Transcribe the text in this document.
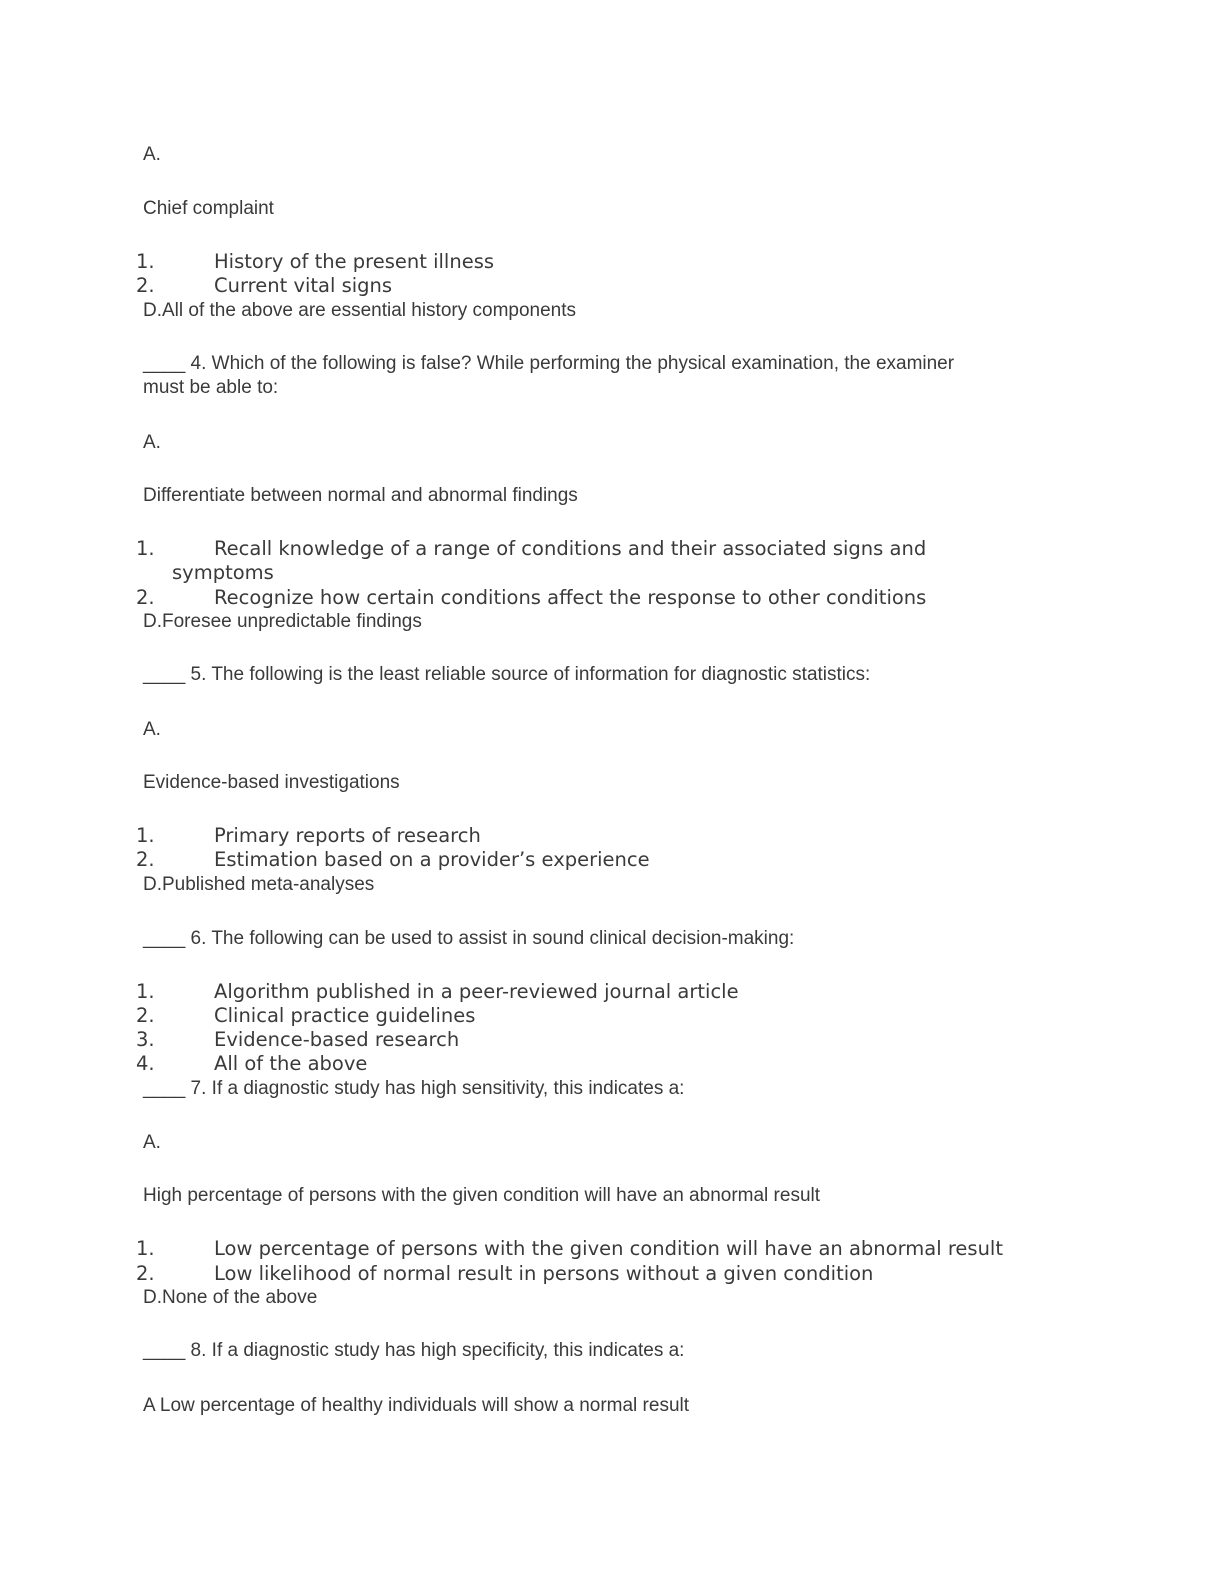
A.
Chief complaint
1.	History of the present illness
2.	Current vital signs
D.All of the above are essential history components
____ 4. Which of the following is false? While performing the physical examination, the examiner
must be able to:
A.
Differentiate between normal and abnormal findings
1.	Recall knowledge of a range of conditions and their associated signs and
symptoms
2.	Recognize how certain conditions affect the response to other conditions
D.Foresee unpredictable findings
____ 5. The following is the least reliable source of information for diagnostic statistics:
A.
Evidence-based investigations
1.	Primary reports of research
2.	Estimation based on a provider’s experience
D.Published meta-analyses
____ 6. The following can be used to assist in sound clinical decision-making:
1.	Algorithm published in a peer-reviewed journal article
2.	Clinical practice guidelines
3.	Evidence-based research
4.	All of the above
____ 7. If a diagnostic study has high sensitivity, this indicates a:
A.
High percentage of persons with the given condition will have an abnormal result
1.	Low percentage of persons with the given condition will have an abnormal result
2.	Low likelihood of normal result in persons without a given condition
D.None of the above
____ 8. If a diagnostic study has high specificity, this indicates a:
A Low percentage of healthy individuals will show a normal result
